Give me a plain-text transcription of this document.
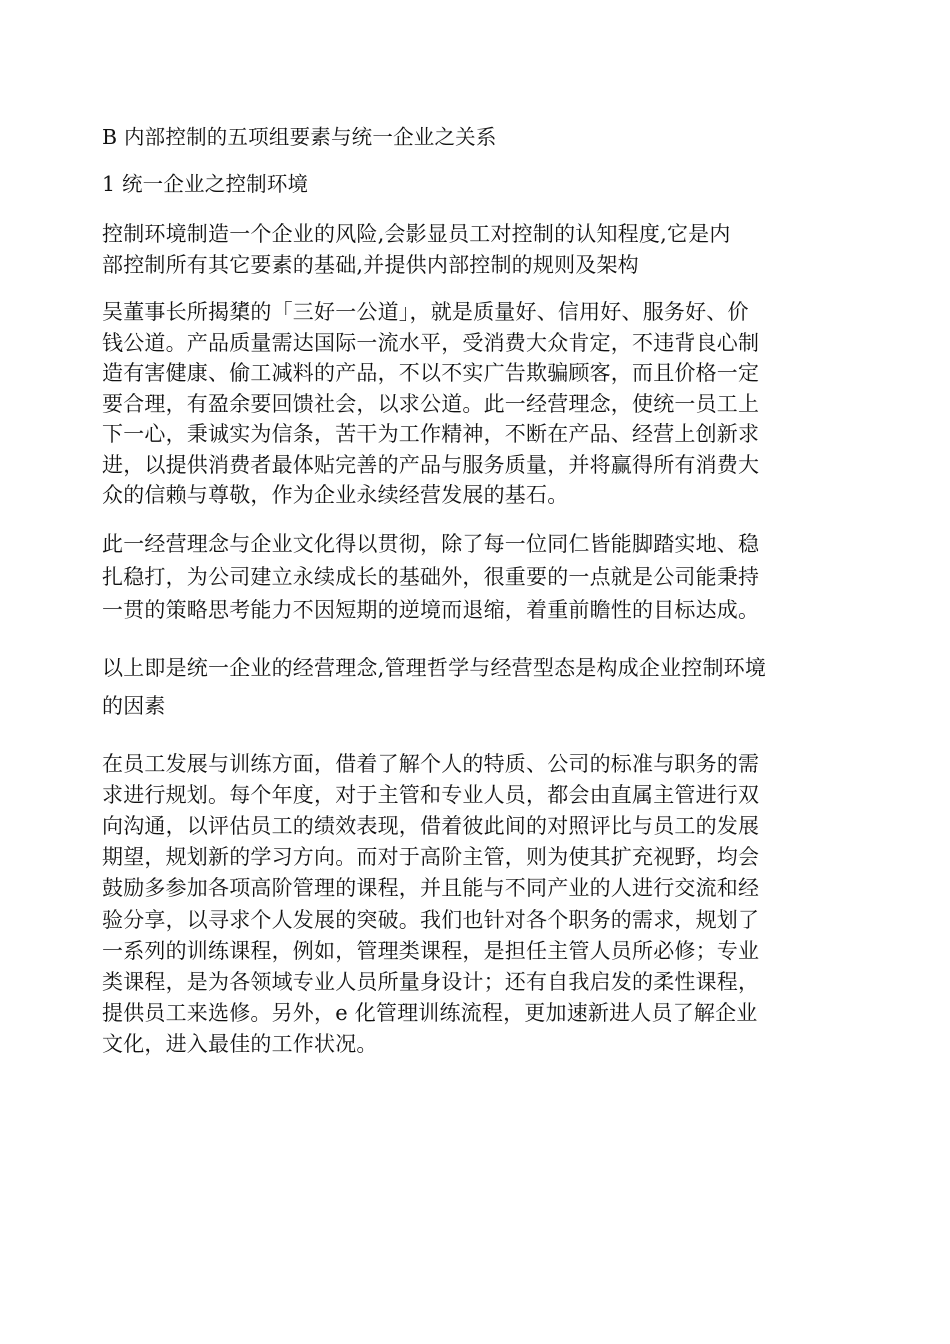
B 内部控制的五项组要素与统一企业之关系
1 统一企业之控制环境
控制环境制造一个企业的风险,会影显员工对控制的认知程度,它是内
部控制所有其它要素的基础,并提供内部控制的规则及架构
吴董事长所揭橥的「三好一公道」，就是质量好、信用好、服务好、价
钱公道。产品质量需达国际一流水平，受消费大众肯定，不违背良心制
造有害健康、偷工减料的产品，不以不实广告欺骗顾客，而且价格一定
要合理，有盈余要回馈社会，以求公道。此一经营理念，使统一员工上
下一心，秉诚实为信条，苦干为工作精神，不断在产品、经营上创新求
进，以提供消费者最体贴完善的产品与服务质量，并将赢得所有消费大
众的信赖与尊敬，作为企业永续经营发展的基石。
此一经营理念与企业文化得以贯彻，除了每一位同仁皆能脚踏实地、稳
扎稳打，为公司建立永续成长的基础外，很重要的一点就是公司能秉持
一贯的策略思考能力不因短期的逆境而退缩，着重前瞻性的目标达成。
以上即是统一企业的经营理念,管理哲学与经营型态是构成企业控制环境
的因素
在员工发展与训练方面，借着了解个人的特质、公司的标准与职务的需
求进行规划。每个年度，对于主管和专业人员，都会由直属主管进行双
向沟通，以评估员工的绩效表现，借着彼此间的对照评比与员工的发展
期望，规划新的学习方向。而对于高阶主管，则为使其扩充视野，均会
鼓励多参加各项高阶管理的课程，并且能与不同产业的人进行交流和经
验分享，以寻求个人发展的突破。我们也针对各个职务的需求，规划了
一系列的训练课程，例如，管理类课程，是担任主管人员所必修；专业
类课程，是为各领域专业人员所量身设计；还有自我启发的柔性课程，
提供员工来选修。另外，e 化管理训练流程，更加速新进人员了解企业
文化，进入最佳的工作状况。
